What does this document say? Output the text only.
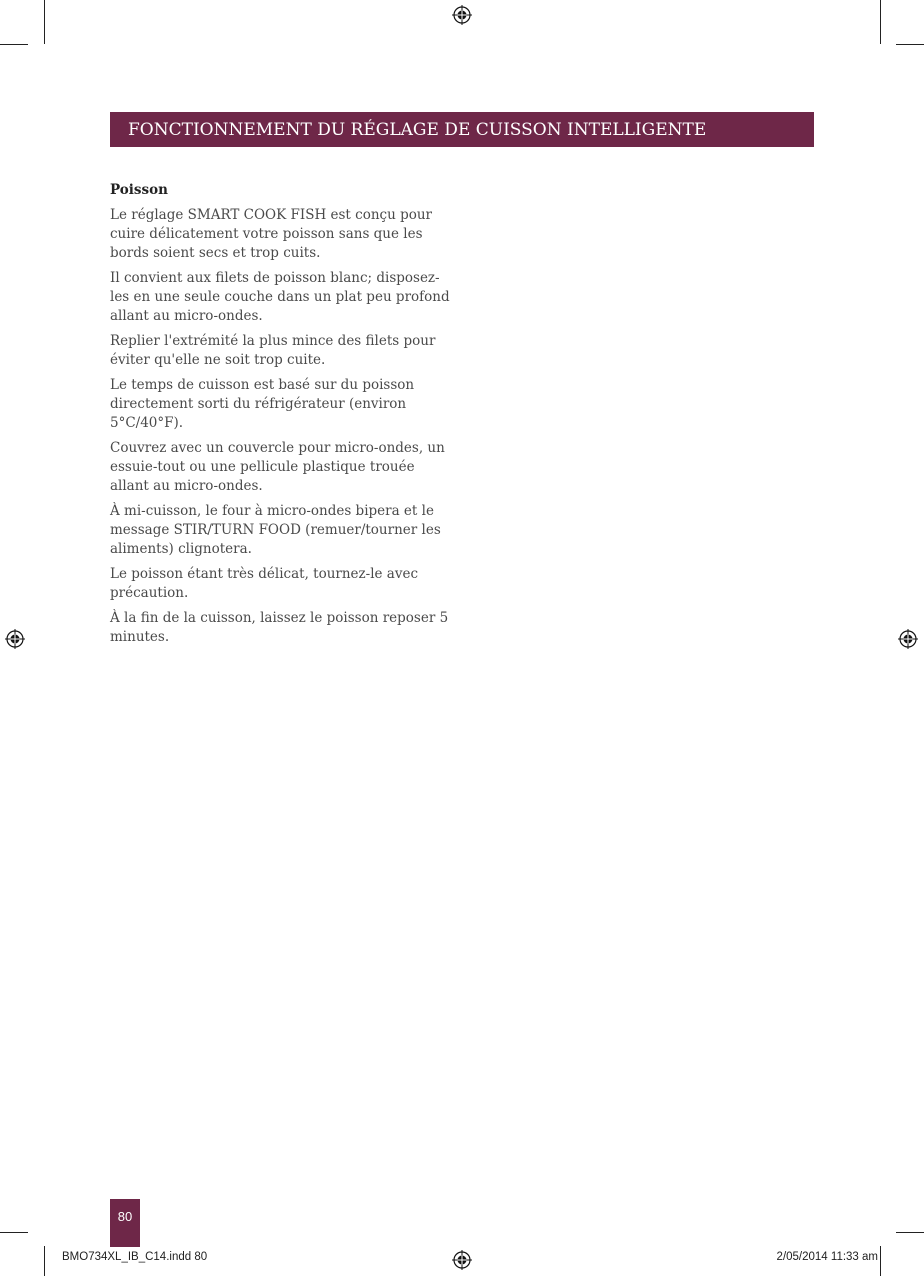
FONCTIONNEMENT DU RÉGLAGE DE CUISSON INTELLIGENTE
Poisson

Le réglage SMART COOK FISH est conçu pour cuire délicatement votre poisson sans que les bords soient secs et trop cuits.

Il convient aux filets de poisson blanc; disposez-les en une seule couche dans un plat peu profond allant au micro-ondes.

Replier l'extrémité la plus mince des filets pour éviter qu'elle ne soit trop cuite.

Le temps de cuisson est basé sur du poisson directement sorti du réfrigérateur (environ 5°C/40°F).

Couvrez avec un couvercle pour micro-ondes, un essuie-tout ou une pellicule plastique trouée allant au micro-ondes.

À mi-cuisson, le four à micro-ondes bipera et le message STIR/TURN FOOD (remuer/tourner les aliments) clignotera.

Le poisson étant très délicat, tournez-le avec précaution.

À la fin de la cuisson, laissez le poisson reposer 5 minutes.

80
BMO734XL_IB_C14.indd 80	2/05/2014 11:33 am
